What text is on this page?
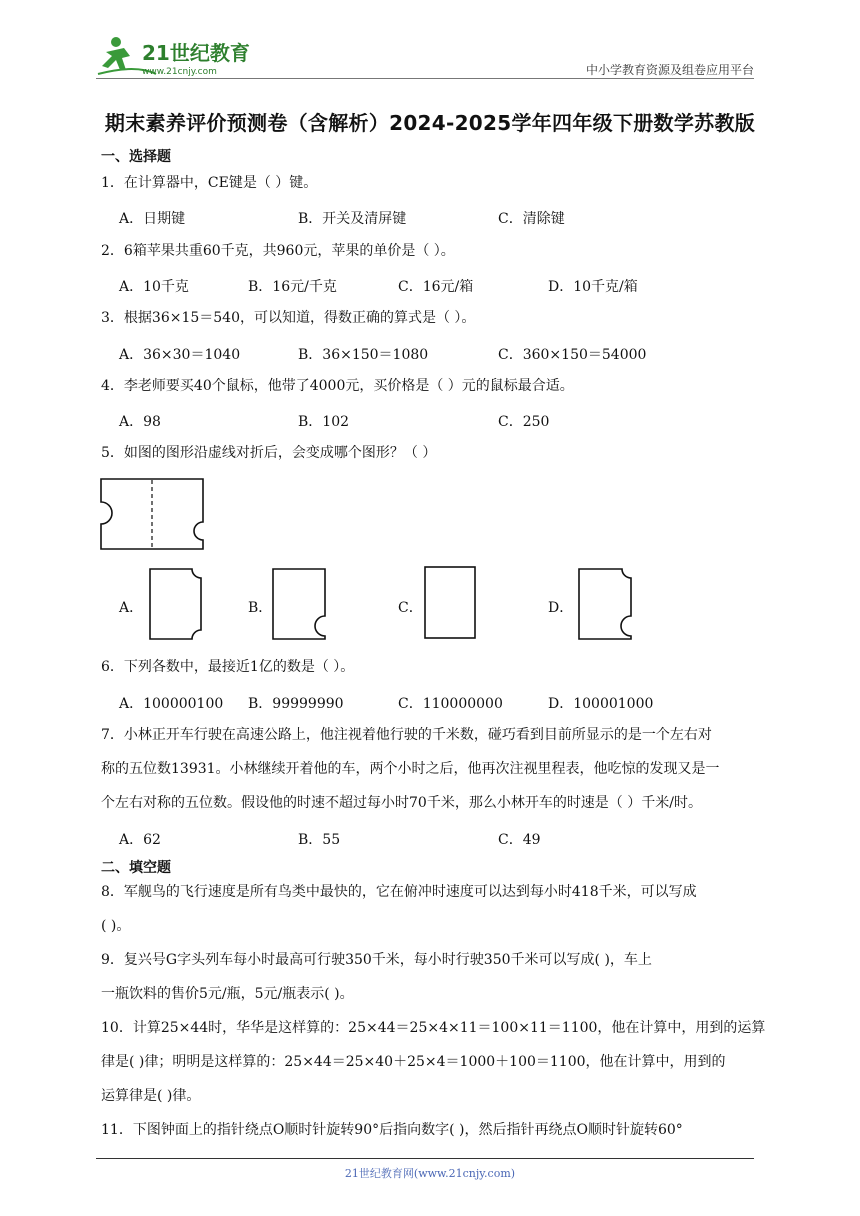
21世纪教育
www.21cnjy.com	中小学教育资源及组卷应用平台
期末素养评价预测卷（含解析）2024-2025学年四年级下册数学苏教版
一、选择题
1．在计算器中，CE键是（ ）键。
A．日期键	B．开关及清屏键	C．清除键
2．6箱苹果共重60千克，共960元，苹果的单价是（ ）。
A．10千克	B．16元/千克	C．16元/箱	D．10千克/箱
3．根据36×15＝540，可以知道，得数正确的算式是（ ）。
A．36×30＝1040	B．36×150＝1080	C．360×150＝54000
4．李老师要买40个鼠标，他带了4000元，买价格是（ ）元的鼠标最合适。
A．98	B．102	C．250
5．如图的图形沿虚线对折后，会变成哪个图形？（ ）
A．	B．	C．	D．
6．下列各数中，最接近1亿的数是（ ）。
A．100000100 B．99999990	C．110000000	D．100001000
7．小林正开车行驶在高速公路上，他注视着他行驶的千米数，碰巧看到目前所显示的是一个左右对
称的五位数13931。小林继续开着他的车，两个小时之后，他再次注视里程表，他吃惊的发现又是一
个左右对称的五位数。假设他的时速不超过每小时70千米，那么小林开车的时速是（ ）千米/时。
A．62	B．55	C．49
二、填空题
8．军舰鸟的飞行速度是所有鸟类中最快的，它在俯冲时速度可以达到每小时418千米，可以写成
( )。
9．复兴号G字头列车每小时最高可行驶350千米，每小时行驶350千米可以写成( )，车上
一瓶饮料的售价5元/瓶，5元/瓶表示( )。
10．计算25×44时，华华是这样算的：25×44＝25×4×11＝100×11＝1100，他在计算中，用到的运算
律是( )律；明明是这样算的：25×44＝25×40＋25×4＝1000＋100＝1100，他在计算中，用到的
运算律是( )律。
11．下图钟面上的指针绕点O顺时针旋转90°后指向数字( )，然后指针再绕点O顺时针旋转60°
21世纪教育网(www.21cnjy.com)
